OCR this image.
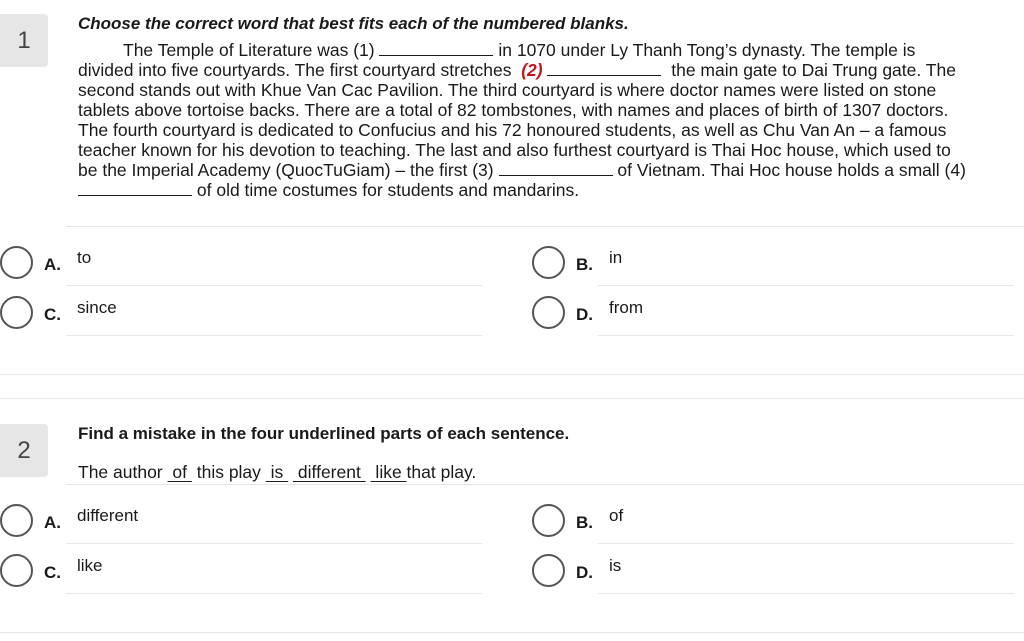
1
Choose the correct word that best fits each of the numbered blanks.
The Temple of Literature was (1)	in 1070 under Ly Thanh Tong’s dynasty. The temple is
divided into five courtyards. The first courtyard stretches (2)	the main gate to Dai Trung gate. The
second stands out with Khue Van Cac Pavilion. The third courtyard is where doctor names were listed on stone
tablets above tortoise backs. There are a total of 82 tombstones, with names and places of birth of 1307 doctors.
The fourth courtyard is dedicated to Confucius and his 72 honoured students, as well as Chu Van An – a famous
teacher known for his devotion to teaching. The last and also furthest courtyard is Thai Hoc house, which used to
be the Imperial Academy (QuocTuGiam) – the first (3)	of Vietnam. Thai Hoc house holds a small (4)
of old time costumes for students and mandarins.
A. to	B. in
C. since	D. from
2
Find a mistake in the four underlined parts of each sentence.
The author  of  this play  is   different   like that play.
A. different	B. of
C. like	D. is
